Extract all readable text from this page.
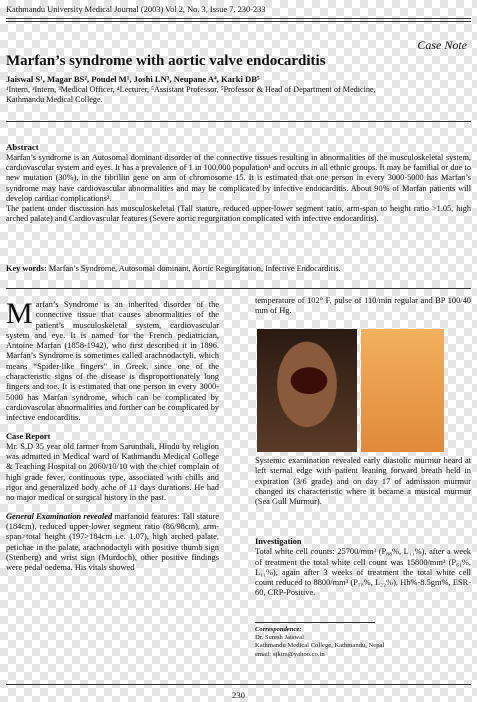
Kathmandu University Medical Journal (2003) Vol 2, No. 3, Issue 7, 230-233
Case Note
Marfan’s syndrome with aortic valve endocarditis
Jaiswal S¹, Magar BS², Poudel M¹, Joshi LN³, Neupane A⁴, Karki DB⁵
¹Intern, ²Intern, ³Medical Officer, ⁴Lecturer, ⁵Assistant Professor, ⁵Professor & Head of Department of Medicine,
Kathmandu Medical College.
Abstract

Marfan’s syndrome is an Autosomal dominant disorder of the connective tissues resulting in abnormalities of the musculoskeletal system, cardiovascular system and eyes. It has a prevalence of 1 in 100,000 population¹ and occurs in all ethnic groups. It may be familial or due to new mutation (30%), in the fibrillin gene on arm of chromosome 15. It is estimated that one person in every 3000-5000 has Marfan’s syndrome may have cardiovascular abnormalities and may be complicated by infective endocarditis. About 90% of Marfan patients will develop cardiac complications².

The patient under discussion has musculoskeletal (Tall stature, reduced upper-lower segment ratio, arm-span to height ratio >1.05, high arched palate) and Cardiovascular features (Severe aortic regurgitation complicated with infective endocarditis).

Key words: Marfan’s Syndrome, Autosomal dominant, Aortic Regurgitation, Infective Endocarditis.

Marfan’s Syndrome is an inherited disorder of the connective tissue that causes abnormalities of the patient’s musculoskeletal system, cardiovascular system and eye. It is named for the French pediatrician, Antoine Marfan (1858-1942), who first described it in 1896. Marfan’s Syndrome is sometimes called arachnodactyli, which means “Spider-like fingers” in Greek, since one of the characteristic signs of the disease is disproportionately long fingers and toe. It is estimated that one person in every 3000-5000 has Marfan syndrome, which can be complicated by cardiovascular abnormalities and further can be complicated by infective endocarditis.

Case Report

Mr. S.D 35 year old farmer from Sarunthali, Hindu by religion was admitted in Medical ward of Kathmandu Medical College & Teaching Hospital on 2060/10/10 with the chief complain of high grade fever, continuous type, associated with chills and rigor and generalized body ache of 11 days durations. He had no major medical or surgical history in the past.

General Examination revealed marfanoid features: Tall stature (184cm), reduced upper-lower segment ratio (86/98cm), arm-span>total height (197>184cm i.e. 1.07), high arched palate, petichae in the palate, arachnodactyli with positive thumb sign (Stenberg) and wrist sign (Murdoch), other positive findings were pedal oedema. His vitals showed

temperature of 102° F, pulse of 110/min regular and BP 100/40 mm of Hg.

Systemic examination revealed early diastolic murmur heard at left sternal edge with patient leaning forward breath held in expiration (3/6 grade) and on day 17 of admission murmur changed its characteristic where it became a musical murmur (Sea Gull Murmur).

Investigation

Total white cell counts: 25700/mm³ (P₈₈%, L₁₁%), after a week of treatment the total white cell count was 15800/mm³ (P₆₁%, L₁₁%), again after 3 weeks of treatment the total white cell count reduced to 8800/mm³ (P₇₈%, L₂₂%), Hb%-8.5gm%, ESR-60, CRP-Positive.

Correspondence:
Dr. Suresh Jaiswal
Kathmandu Medical College, Kathmandu, Nepal
email: sjktm@yahoo.co.in
230
